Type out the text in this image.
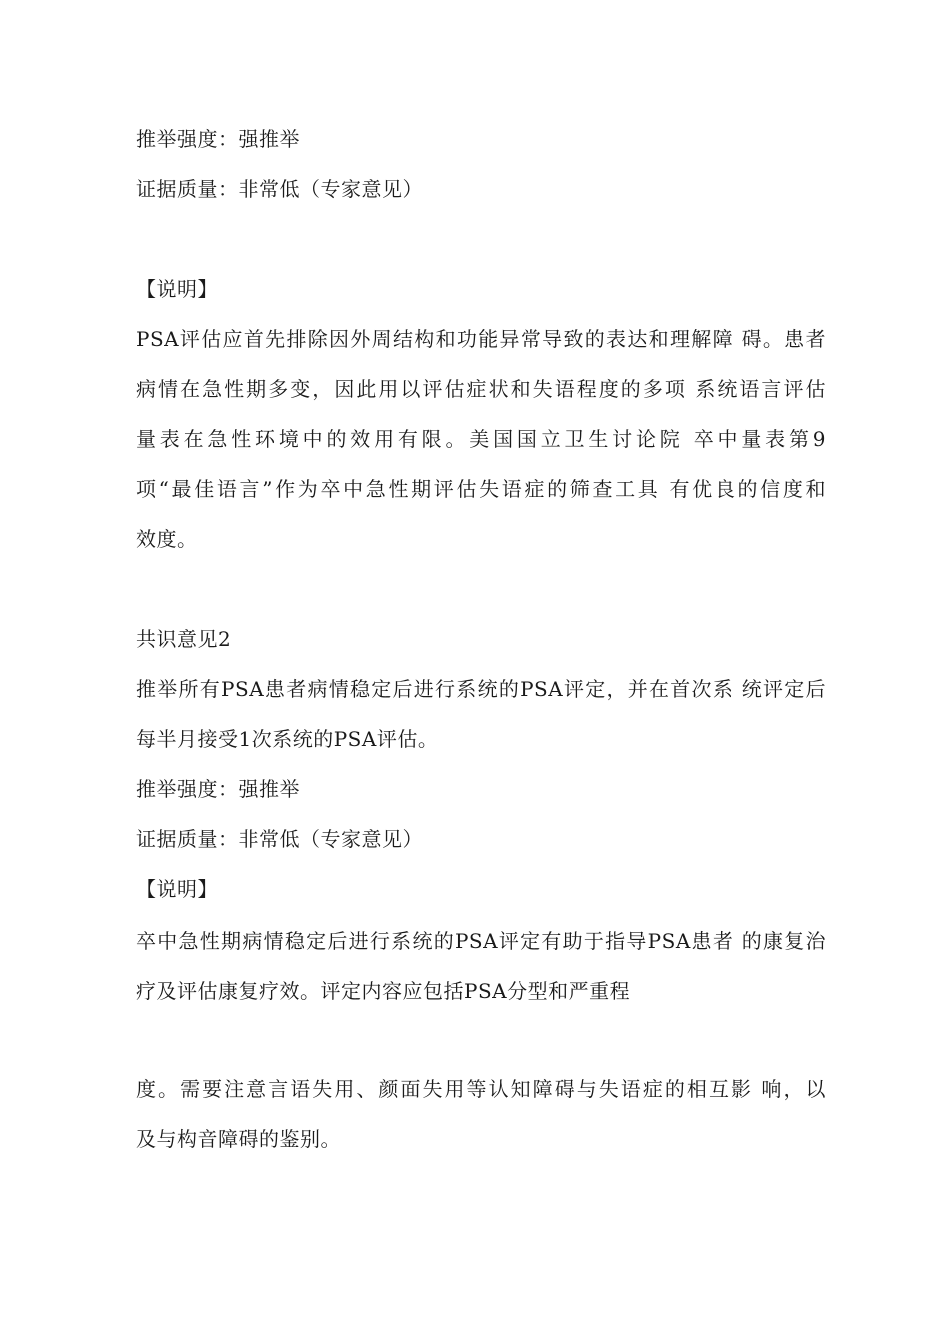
推举强度：强推举
证据质量：非常低（专家意见）
【说明】
PSA评估应首先排除因外周结构和功能异常导致的表达和理解障 碍。患者
病情在急性期多变，因此用以评估症状和失语程度的多项 系统语言评估
量表在急性环境中的效用有限。美国国立卫生讨论院 卒中量表第9
项“最佳语言”作为卒中急性期评估失语症的筛查工具 有优良的信度和
效度。
共识意见2
推举所有PSA患者病情稳定后进行系统的PSA评定，并在首次系 统评定后
每半月接受1次系统的PSA评估。
推举强度：强推举
证据质量：非常低（专家意见）
【说明】
卒中急性期病情稳定后进行系统的PSA评定有助于指导PSA患者 的康复治
疗及评估康复疗效。评定内容应包括PSA分型和严重程
度。需要注意言语失用、颜面失用等认知障碍与失语症的相互影 响，以
及与构音障碍的鉴别。
